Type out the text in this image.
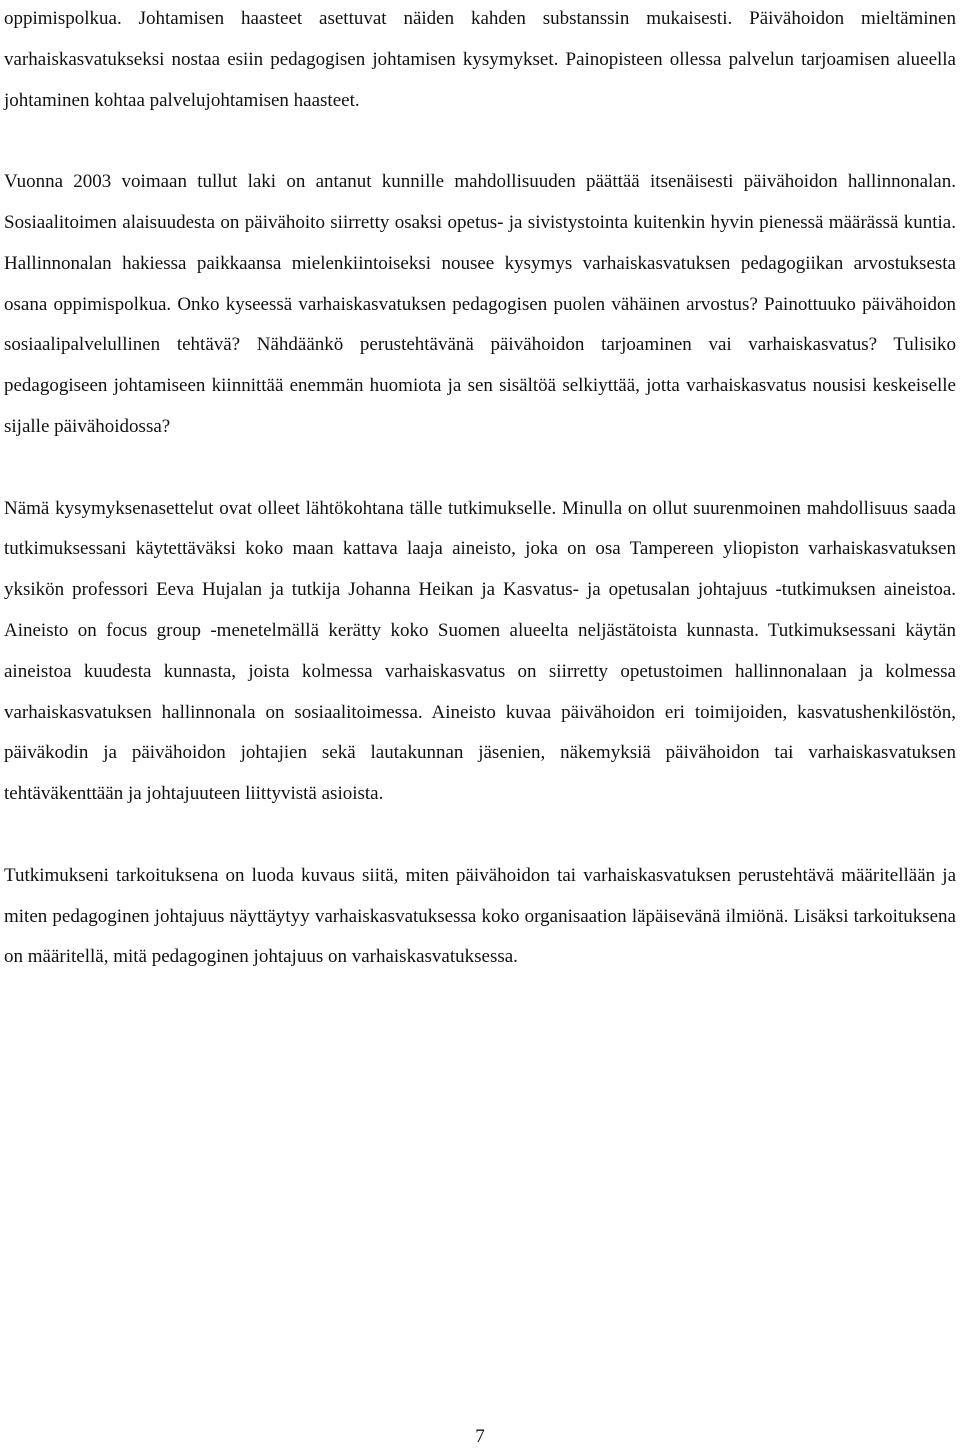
oppimispolkua. Johtamisen haasteet asettuvat näiden kahden substanssin mukaisesti. Päivähoidon mieltäminen varhaiskasvatukseksi nostaa esiin pedagogisen johtamisen kysymykset. Painopisteen ollessa palvelun tarjoamisen alueella johtaminen kohtaa palvelujohtamisen haasteet.

Vuonna 2003 voimaan tullut laki on antanut kunnille mahdollisuuden päättää itsenäisesti päivähoidon hallinnonalan. Sosiaalitoimen alaisuudesta on päivähoito siirretty osaksi opetus- ja sivistystointa kuitenkin hyvin pienessä määrässä kuntia. Hallinnonalan hakiessa paikkaansa mielenkiintoiseksi nousee kysymys varhaiskasvatuksen pedagogiikan arvostuksesta osana oppimispolkua. Onko kyseessä varhaiskasvatuksen pedagogisen puolen vähäinen arvostus? Painottuuko päivähoidon sosiaalipalvelullinen tehtävä? Nähdäänkö perustehtävänä päivähoidon tarjoaminen vai varhaiskasvatus? Tulisiko pedagogiseen johtamiseen kiinnittää enemmän huomiota ja sen sisältöä selkiyttää, jotta varhaiskasvatus nousisi keskeiselle sijalle päivähoidossa?

Nämä kysymyksenasettelut ovat olleet lähtökohtana tälle tutkimukselle. Minulla on ollut suurenmoinen mahdollisuus saada tutkimuksessani käytettäväksi koko maan kattava laaja aineisto, joka on osa Tampereen yliopiston varhaiskasvatuksen yksikön professori Eeva Hujalan ja tutkija Johanna Heikan ja Kasvatus- ja opetusalan johtajuus -tutkimuksen aineistoa. Aineisto on focus group -menetelmällä kerätty koko Suomen alueelta neljästätoista kunnasta. Tutkimuksessani käytän aineistoa kuudesta kunnasta, joista kolmessa varhaiskasvatus on siirretty opetustoimen hallinnonalaan ja kolmessa varhaiskasvatuksen hallinnonala on sosiaalitoimessa. Aineisto kuvaa päivähoidon eri toimijoiden, kasvatushenkilöstön, päiväkodin ja päivähoidon johtajien sekä lautakunnan jäsenien, näkemyksiä päivähoidon tai varhaiskasvatuksen tehtäväkenttään ja johtajuuteen liittyvistä asioista.

Tutkimukseni tarkoituksena on luoda kuvaus siitä, miten päivähoidon tai varhaiskasvatuksen perustehtävä määritellään ja miten pedagoginen johtajuus näyttäytyy varhaiskasvatuksessa koko organisaation läpäisevänä ilmiönä. Lisäksi tarkoituksena on määritellä, mitä pedagoginen johtajuus on varhaiskasvatuksessa.

7
